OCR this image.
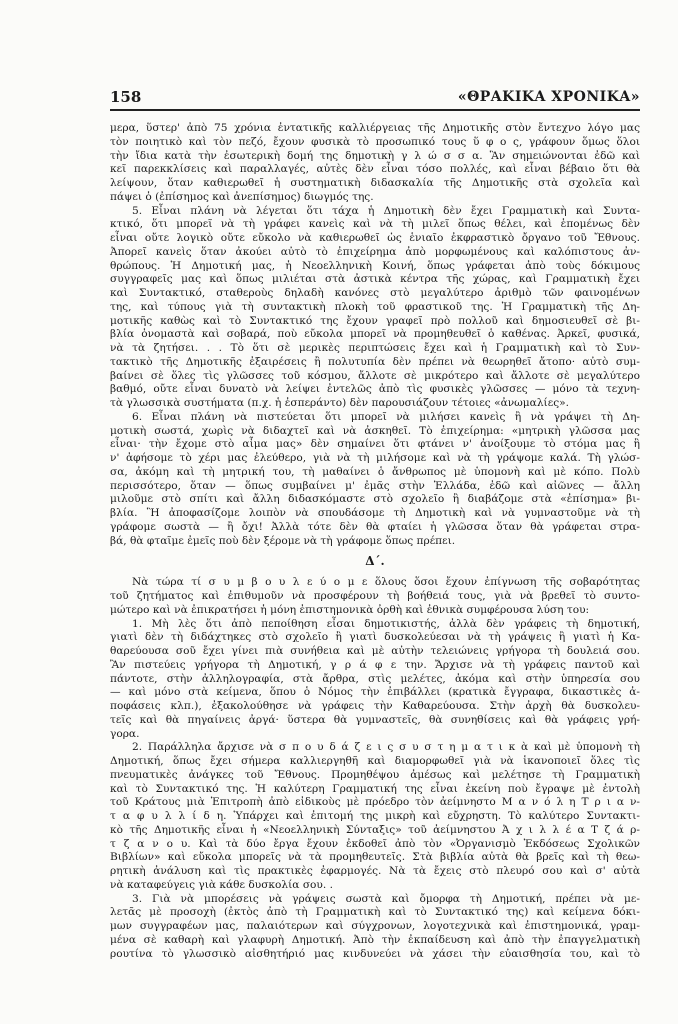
158	«ΘΡΑΚΙΚΑ ΧΡΟΝΙΚΑ»
μερα, ὕστερ' ἀπὸ 75 χρόνια ἐντατικῆς καλλιέργειας τῆς Δημοτικῆς στὸν ἔντεχνο λόγο μας
τὸν ποιητικὸ καὶ τὸν πεζό, ἔχουν φυσικὰ τὸ προσωπικό τους ὕ φ ο ς, γράφουν ὅμως ὅλοι
τὴν ἴδια κατὰ τὴν ἐσωτερικὴ δομή της δημοτικὴ γ λ ώ σ σ α. Ἂν σημειώνονται ἐδῶ καὶ
κεῖ παρεκκλίσεις καὶ παραλλαγές, αὐτὲς δὲν εἶναι τόσο πολλές, καὶ εἶναι βέβαιο ὅτι θὰ
λείψουν, ὅταν καθιερωθεῖ ἡ συστηματικὴ διδασκαλία τῆς Δημοτικῆς στὰ σχολεῖα καὶ
πάψει ὁ (ἐπίσημος καὶ ἀνεπίσημος) διωγμός της.
5. Εἶναι πλάνη νὰ λέγεται ὅτι τάχα ἡ Δημοτικὴ δὲν ἔχει Γραμματικὴ καὶ Συντα-
κτικό, ὅτι μπορεῖ νὰ τὴ γράφει κανεὶς καὶ νὰ τὴ μιλεῖ ὅπως θέλει, καὶ ἑπομένως δὲν
εἶναι οὔτε λογικὸ οὔτε εὔκολο νὰ καθιερωθεῖ ὡς ἑνιαῖο ἐκφραστικὸ ὄργανο τοῦ Ἔθνους.
Ἀπορεῖ κανεὶς ὅταν ἀκούει αὐτὸ τὸ ἐπιχείρημα ἀπὸ μορφωμένους καὶ καλόπιστους ἀν-
θρώπους. Ἡ Δημοτική μας, ἡ Νεοελληνικὴ Κοινή, ὅπως γράφεται ἀπὸ τοὺς δόκιμους
συγγραφεῖς μας καὶ ὅπως μιλιέται στὰ ἀστικὰ κέντρα τῆς χώρας, καὶ Γραμματικὴ ἔχει
καὶ Συντακτικό, σταθεροὺς δηλαδὴ κανόνες στὸ μεγαλύτερο ἀριθμὸ τῶν φαινομένων
της, καὶ τύπους γιὰ τὴ συντακτικὴ πλοκὴ τοῦ φραστικοῦ της. Ἡ Γραμματικὴ τῆς Δη-
μοτικῆς καθὼς καὶ τὸ Συντακτικό της ἔχουν γραφεῖ πρὸ πολλοῦ καὶ δημοσιευθεῖ σὲ βι-
βλία ὀνομαστὰ καὶ σοβαρά, ποὺ εὔκολα μπορεῖ νὰ προμηθευθεῖ ὁ καθένας. Ἀρκεῖ, φυσικά,
νὰ τὰ ζητήσει. . . Τὸ ὅτι σὲ μερικὲς περιπτώσεις ἔχει καὶ ἡ Γραμματικὴ καὶ τὸ Συν-
τακτικὸ τῆς Δημοτικῆς ἐξαιρέσεις ἢ πολυτυπία δὲν πρέπει νὰ θεωρηθεῖ ἄτοπο· αὐτὸ συμ-
βαίνει σὲ ὅλες τὶς γλῶσσες τοῦ κόσμου, ἄλλοτε σὲ μικρότερο καὶ ἄλλοτε σὲ μεγαλύτερο
βαθμό, οὔτε εἶναι δυνατὸ νὰ λείψει ἐντελῶς ἀπὸ τὶς φυσικὲς γλῶσσες — μόνο τὰ τεχνη-
τὰ γλωσσικὰ συστήματα (π.χ. ἡ ἐσπεράντο) δὲν παρουσιάζουν τέτοιες «ἀνωμαλίες».
6. Εἶναι πλάνη νὰ πιστεύεται ὅτι μπορεῖ νὰ μιλήσει κανεὶς ἢ νὰ γράψει τὴ Δη-
μοτικὴ σωστά, χωρὶς νὰ διδαχτεῖ καὶ νὰ ἀσκηθεῖ. Τὸ ἐπιχείρημα: «μητρικὴ γλῶσσα μας
εἶναι· τὴν ἔχομε στὸ αἷμα μας» δὲν σημαίνει ὅτι φτάνει ν' ἀνοίξουμε τὸ στόμα μας ἢ
ν' ἀφήσομε τὸ χέρι μας ἐλεύθερο, γιὰ νὰ τὴ μιλήσομε καὶ νὰ τὴ γράψομε καλά. Τὴ γλώσ-
σα, ἀκόμη καὶ τὴ μητρική του, τὴ μαθαίνει ὁ ἄνθρωπος μὲ ὑπομονὴ καὶ μὲ κόπο. Πολὺ
περισσότερο, ὅταν — ὅπως συμβαίνει μ' ἐμᾶς στὴν Ἑλλάδα, ἐδῶ καὶ αἰῶνες — ἄλλη
μιλοῦμε στὸ σπίτι καὶ ἄλλη διδασκόμαστε στὸ σχολεῖο ἢ διαβάζομε στὰ «ἐπίσημα» βι-
βλία. Ἢ ἀποφασίζομε λοιπὸν νὰ σπουδάσομε τὴ Δημοτικὴ καὶ νὰ γυμναστοῦμε νὰ τὴ
γράφομε σωστὰ — ἢ ὄχι! Ἀλλὰ τότε δὲν θὰ φταίει ἡ γλῶσσα ὅταν θὰ γράφεται στρα-
βά, θὰ φταῖμε ἐμεῖς ποὺ δὲν ξέρομε νὰ τὴ γράφομε ὅπως πρέπει.
Δ΄.
Νὰ τώρα τί σ υ μ β ο υ λ ε ύ ο μ ε ὅλους ὅσοι ἔχουν ἐπίγνωση τῆς σοβαρότητας
τοῦ ζητήματος καὶ ἐπιθυμοῦν νὰ προσφέρουν τὴ βοήθειά τους, γιὰ νὰ βρεθεῖ τὸ συντο-
μώτερο καὶ νὰ ἐπικρατήσει ἡ μόνη ἐπιστημονικὰ ὀρθὴ καὶ ἐθνικὰ συμφέρουσα λύση του:
1. Μὴ λὲς ὅτι ἀπὸ πεποίθηση εἶσαι δημοτικιστής, ἀλλὰ δὲν γράφεις τὴ δημοτική,
γιατὶ δὲν τὴ διδάχτηκες στὸ σχολεῖο ἢ γιατὶ δυσκολεύεσαι νὰ τὴ γράψεις ἢ γιατὶ ἡ Κα-
θαρεύουσα σοῦ ἔχει γίνει πιὰ συνήθεια καὶ μὲ αὐτὴν τελειώνεις γρήγορα τὴ δουλειά σου.
Ἂν πιστεύεις γρήγορα τὴ Δημοτική, γ ρ ά φ ε την. Ἄρχισε νὰ τὴ γράφεις παντοῦ καὶ
πάντοτε, στὴν ἀλληλογραφία, στὰ ἄρθρα, στὶς μελέτες, ἀκόμα καὶ στὴν ὑπηρεσία σου
— καὶ μόνο στὰ κείμενα, ὅπου ὁ Νόμος τὴν ἐπιβάλλει (κρατικὰ ἔγγραφα, δικαστικὲς ἀ-
ποφάσεις κλπ.), ἐξακολούθησε νὰ γράφεις τὴν Καθαρεύουσα. Στὴν ἀρχὴ θὰ δυσκολευ-
τεῖς καὶ θὰ πηγαίνεις ἀργά· ὕστερα θὰ γυμναστεῖς, θὰ συνηθίσεις καὶ θὰ γράφεις γρή-
γορα.
2. Παράλληλα ἄρχισε νὰ σ π ο υ δ ά ζ ε ι ς σ υ σ τ η μ α τ ι κ ὰ καὶ μὲ ὑπομονὴ τὴ
Δημοτική, ὅπως ἔχει σήμερα καλλιεργηθῆ καὶ διαμορφωθεῖ γιὰ νὰ ἱκανοποιεῖ ὅλες τὶς
πνευματικὲς ἀνάγκες τοῦ Ἔθνους. Προμηθέψου ἀμέσως καὶ μελέτησε τὴ Γραμματικὴ
καὶ τὸ Συντακτικό της. Ἡ καλύτερη Γραμματική της εἶναι ἐκείνη ποὺ ἔγραψε μὲ ἐντολὴ
τοῦ Κράτους μιὰ Ἐπιτροπὴ ἀπὸ εἰδικοὺς μὲ πρόεδρο τὸν ἀείμνηστο Μ α ν ό λ η Τ ρ ι α ν-
τ α φ υ λ λ ί δ η. Ὑπάρχει καὶ ἐπιτομή της μικρὴ καὶ εὔχρηστη. Τὸ καλύτερο Συντακτι-
κὸ τῆς Δημοτικῆς εἶναι ἡ «Νεοελληνικὴ Σύνταξις» τοῦ ἀείμνηστου Ἀ χ ι λ λ έ α Τ ζ ά ρ-
τ ζ α ν ο υ. Καὶ τὰ δύο ἔργα ἔχουν ἐκδοθεῖ ἀπὸ τὸν «Ὀργανισμὸ Ἐκδόσεως Σχολικῶν
Βιβλίων» καὶ εὔκολα μπορεῖς νὰ τὰ προμηθευτεῖς. Στὰ βιβλία αὐτὰ θὰ βρεῖς καὶ τὴ θεω-
ρητικὴ ἀνάλυση καὶ τὶς πρακτικὲς ἐφαρμογές. Νὰ τὰ ἔχεις στὸ πλευρό σου καὶ σ' αὐτὰ
νὰ καταφεύγεις γιὰ κάθε δυσκολία σου. .
3. Γιὰ νὰ μπορέσεις νὰ γράψεις σωστὰ καὶ ὄμορφα τὴ Δημοτική, πρέπει νὰ με-
λετᾶς μὲ προσοχὴ (ἐκτὸς ἀπὸ τὴ Γραμματικὴ καὶ τὸ Συντακτικό της) καὶ κείμενα δόκι-
μων συγγραφέων μας, παλαιότερων καὶ σύγχρονων, λογοτεχνικὰ καὶ ἐπιστημονικά, γραμ-
μένα σὲ καθαρὴ καὶ γλαφυρὴ Δημοτική. Ἀπὸ τὴν ἐκπαίδευση καὶ ἀπὸ τὴν ἐπαγγελματικὴ
ρουτίνα τὸ γλωσσικὸ αἰσθητήριό μας κινδυνεύει νὰ χάσει τὴν εὐαισθησία του, καὶ τὸ
